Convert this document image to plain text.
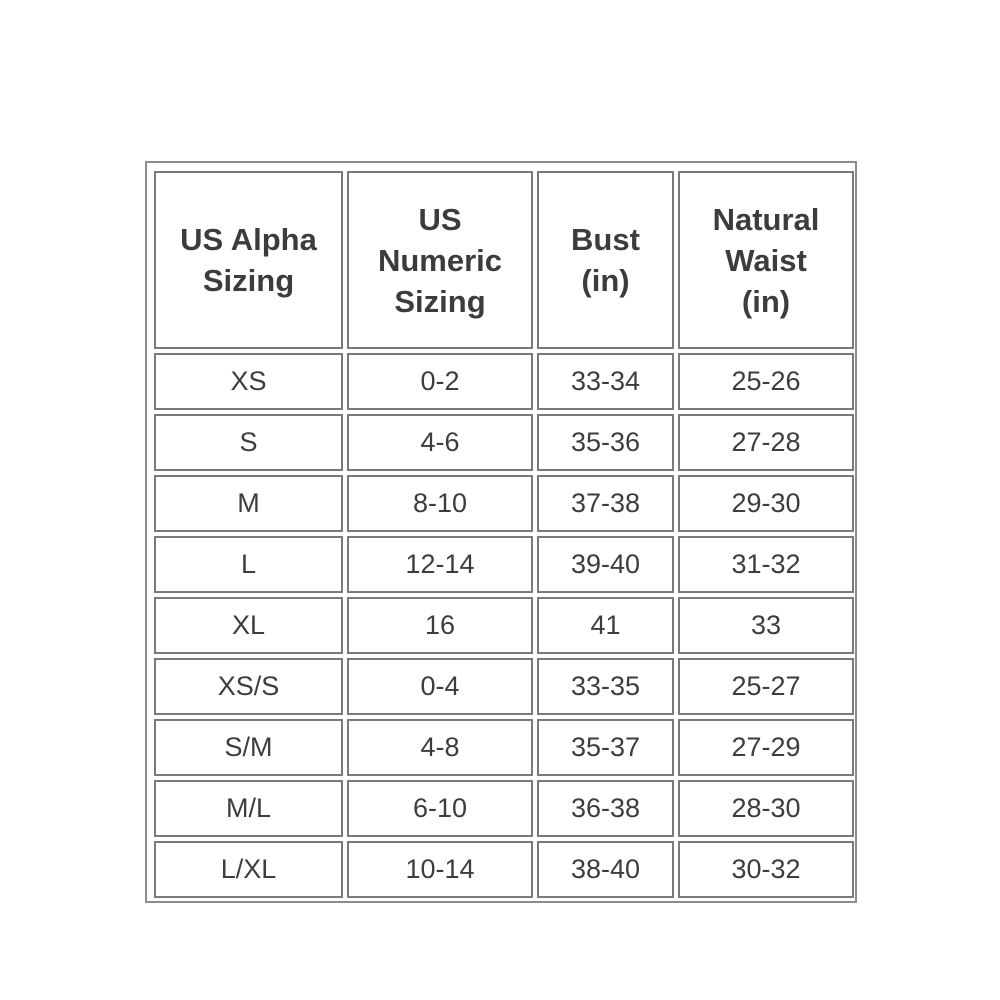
US Alpha
Sizing	US
Numeric
Sizing	Bust
(in)	Natural
Waist
(in)

XS	0-2	33-34	25-26
S	4-6	35-36	27-28
M	8-10	37-38	29-30
L	12-14	39-40	31-32
XL	16	41	33
XS/S	0-4	33-35	25-27
S/M	4-8	35-37	27-29
M/L	6-10	36-38	28-30
L/XL	10-14	38-40	30-32
